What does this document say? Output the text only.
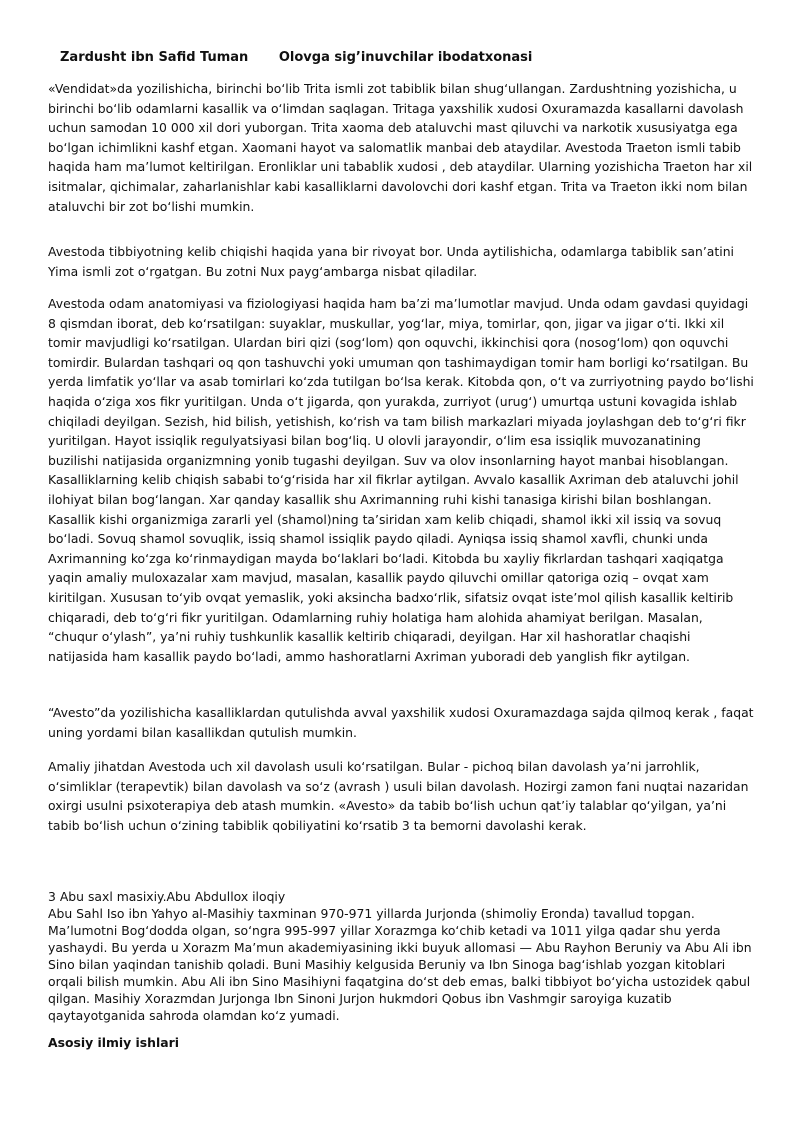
Zardusht ibn Safid Tuman Olovga sig’inuvchilar ibodatxonasi

«Vendidat»da yozilishicha, birinchi bo‘lib Trita ismli zot tabiblik bilan shug‘ullangan. Zardushtning yozishicha, u birinchi bo‘lib odamlarni kasallik va o‘limdan saqlagan. Tritaga yaxshilik xudosi Oxuramazda kasallarni davolash uchun samodan 10 000 xil dori yuborgan. Trita xaoma deb ataluvchi mast qiluvchi va narkotik xususiyatga ega bo‘lgan ichimlikni kashf etgan. Xaomani hayot va salomatlik manbai deb ataydilar. Avestoda Traeton ismli tabib haqida ham ma’lumot keltirilgan. Eronliklar uni tabablik xudosi , deb ataydilar. Ularning yozishicha Traeton har xil isitmalar, qichimalar, zaharlanishlar kabi kasalliklarni davolovchi dori kashf etgan. Trita va Traeton ikki nom bilan ataluvchi bir zot bo‘lishi mumkin.

Avestoda tibbiyotning kelib chiqishi haqida yana bir rivoyat bor. Unda aytilishicha, odamlarga tabiblik san’atini Yima ismli zot o‘rgatgan. Bu zotni Nux payg‘ambarga nisbat qiladilar.

Avestoda odam anatomiyasi va fiziologiyasi haqida ham ba’zi ma’lumotlar mavjud. Unda odam gavdasi quyidagi 8 qismdan iborat, deb ko‘rsatilgan: suyaklar, muskullar, yog‘lar, miya, tomirlar, qon, jigar va jigar o‘ti. Ikki xil tomir mavjudligi ko‘rsatilgan. Ulardan biri qizi (sog‘lom) qon oquvchi, ikkinchisi qora (nosog‘lom) qon oquvchi tomirdir. Bulardan tashqari oq qon tashuvchi yoki umuman qon tashimaydigan tomir ham borligi ko‘rsatilgan. Bu yerda limfatik yo‘llar va asab tomirlari ko‘zda tutilgan bo‘lsa kerak. Kitobda qon, o‘t va zurriyotning paydo bo‘lishi haqida o‘ziga xos fikr yuritilgan. Unda o‘t jigarda, qon yurakda, zurriyot (urug‘) umurtqa ustuni kovagida ishlab chiqiladi deyilgan. Sezish, hid bilish, yetishish, ko‘rish va tam bilish markazlari miyada joylashgan deb to‘g‘ri fikr yuritilgan. Hayot issiqlik regulyatsiyasi bilan bog‘liq. U olovli jarayondir, o‘lim esa issiqlik muvozanatining buzilishi natijasida organizmning yonib tugashi deyilgan. Suv va olov insonlarning hayot manbai hisoblangan. Kasalliklarning kelib chiqish sababi to‘g‘risida har xil fikrlar aytilgan. Avvalo kasallik Axriman deb ataluvchi johil ilohiyat bilan bog‘langan. Xar qanday kasallik shu Axrimanning ruhi kishi tanasiga kirishi bilan boshlangan. Kasallik kishi organizmiga zararli yel (shamol)ning ta’siridan xam kelib chiqadi, shamol ikki xil issiq va sovuq bo‘ladi. Sovuq shamol sovuqlik, issiq shamol issiqlik paydo qiladi. Ayniqsa issiq shamol xavfli, chunki unda Axrimanning ko‘zga ko‘rinmaydigan mayda bo‘laklari bo‘ladi. Kitobda bu xayliy fikrlardan tashqari xaqiqatga yaqin amaliy muloxazalar xam mavjud, masalan, kasallik paydo qiluvchi omillar qatoriga oziq – ovqat xam kiritilgan. Xususan to‘yib ovqat yemaslik, yoki aksincha badxo‘rlik, sifatsiz ovqat iste’mol qilish kasallik keltirib chiqaradi, deb to‘g‘ri fikr yuritilgan. Odamlarning ruhiy holatiga ham alohida ahamiyat berilgan. Masalan, “chuqur o‘ylash”, ya’ni ruhiy tushkunlik kasallik keltirib chiqaradi, deyilgan. Har xil hashoratlar chaqishi natijasida ham kasallik paydo bo‘ladi, ammo hashoratlarni Axriman yuboradi deb yanglish fikr aytilgan.

“Avesto”da yozilishicha kasalliklardan qutulishda avval yaxshilik xudosi Oxuramazdaga sajda qilmoq kerak , faqat uning yordami bilan kasallikdan qutulish mumkin.

Amaliy jihatdan Avestoda uch xil davolash usuli ko‘rsatilgan. Bular - pichoq bilan davolash ya’ni jarrohlik, o‘simliklar (terapevtik) bilan davolash va so‘z (avrash ) usuli bilan davolash. Hozirgi zamon fani nuqtai nazaridan oxirgi usulni psixoterapiya deb atash mumkin. «Avesto» da tabib bo‘lish uchun qat’iy talablar qo‘yilgan, ya’ni tabib bo‘lish uchun o‘zining tabiblik qobiliyatini ko‘rsatib 3 ta bemorni davolashi kerak.

3 Abu saxl masixiy.Abu Abdullox iloqiy

Abu Sahl Iso ibn Yahyo al-Masihiy taxminan 970-971 yillarda Jurjonda (shimoliy Eronda) tavallud topgan. Ma’lumotni Bog‘dodda olgan, so‘ngra 995-997 yillar Xorazmga ko‘chib ketadi va 1011 yilga qadar shu yerda yashaydi. Bu yerda u Xorazm Ma’mun akademiyasining ikki buyuk allomasi — Abu Rayhon Beruniy va Abu Ali ibn Sino bilan yaqindan tanishib qoladi. Buni Masihiy kelgusida Beruniy va Ibn Sinoga bag‘ishlab yozgan kitoblari orqali bilish mumkin. Abu Ali ibn Sino Masihiyni faqatgina do‘st deb emas, balki tibbiyot bo‘yicha ustozidek qabul qilgan. Masihiy Xorazmdan Jurjonga Ibn Sinoni Jurjon hukmdori Qobus ibn Vashmgir saroyiga kuzatib qaytayotganida sahroda olamdan ko‘z yumadi.

Asosiy ilmiy ishlari
